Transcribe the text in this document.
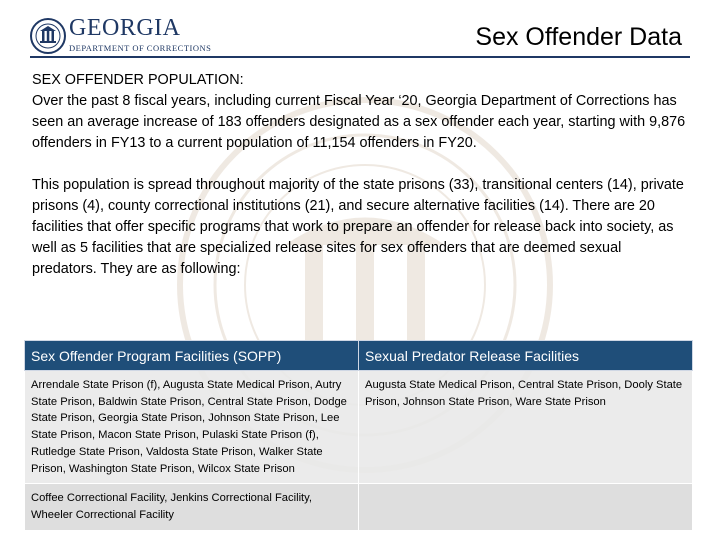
GEORGIA
DEPARTMENT OF CORRECTIONS	Sex Offender Data
SEX OFFENDER POPULATION:

Over the past 8 fiscal years, including current Fiscal Year ‘20, Georgia Department of Corrections has seen an average increase of 183 offenders designated as a sex offender each year, starting with 9,876 offenders in FY13 to a current population of 11,154 offenders in FY20.

This population is spread throughout majority of the state prisons (33), transitional centers (14), private prisons (4), county correctional institutions (21), and secure alternative facilities (14). There are 20 facilities that offer specific programs that work to prepare an offender for release back into society, as well as 5 facilities that are specialized release sites for sex offenders that are deemed sexual predators. They are as following:

Sex Offender Program Facilities (SOPP)	Sexual Predator Release Facilities
Arrendale State Prison (f), Augusta State Medical Prison, Autry State Prison, Baldwin State Prison, Central State Prison, Dodge State Prison, Georgia State Prison, Johnson State Prison, Lee State Prison, Macon State Prison, Pulaski State Prison (f), Rutledge State Prison, Valdosta State Prison, Walker State Prison, Washington State Prison, Wilcox State Prison	Augusta State Medical Prison, Central State Prison, Dooly State Prison, Johnson State Prison, Ware State Prison
Coffee Correctional Facility, Jenkins Correctional Facility, Wheeler Correctional Facility	
